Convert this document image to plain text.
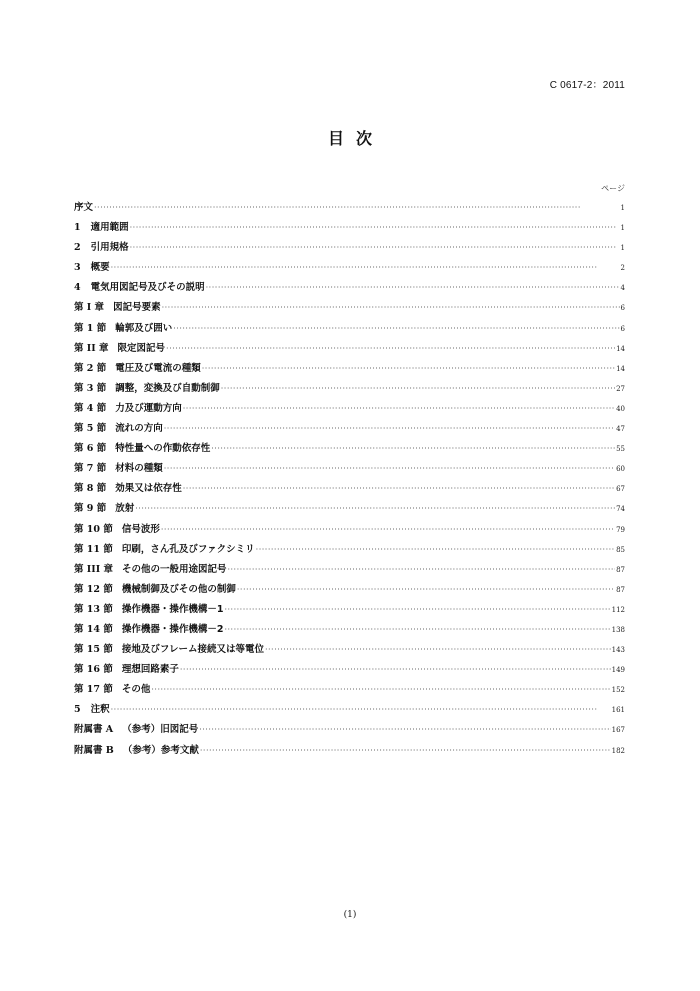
C 0617-2：2011
目次
ページ
序文 ·····	1
1 適用範囲 ·····	1
2 引用規格 ·····	1
3 概要 ·····	2
4 電気用図記号及びその説明 ·····	4
第 I 章 図記号要素 ·····	6
第 1 節 輪郭及び囲い ·····	6
第 II 章 限定図記号 ·····	14
第 2 節 電圧及び電流の種類 ·····	14
第 3 節 調整，変換及び自動制御 ·····	27
第 4 節 力及び運動方向 ·····	40
第 5 節 流れの方向 ·····	47
第 6 節 特性量への作動依存性 ·····	55
第 7 節 材料の種類 ·····	60
第 8 節 効果又は依存性 ·····	67
第 9 節 放射 ·····	74
第 10 節 信号波形 ·····	79
第 11 節 印刷，さん孔及びファクシミリ ·····	85
第 III 章 その他の一般用途図記号 ·····	87
第 12 節 機械制御及びその他の制御 ·····	87
第 13 節 操作機器・操作機構－1 ·····	112
第 14 節 操作機器・操作機構－2 ·····	138
第 15 節 接地及びフレーム接続又は等電位 ·····	143
第 16 節 理想回路素子 ·····	149
第 17 節 その他 ·····	152
5 注釈 ·····	161
附属書 A （参考）旧図記号 ·····	167
附属書 B （参考）参考文献 ·····	182
(1)
